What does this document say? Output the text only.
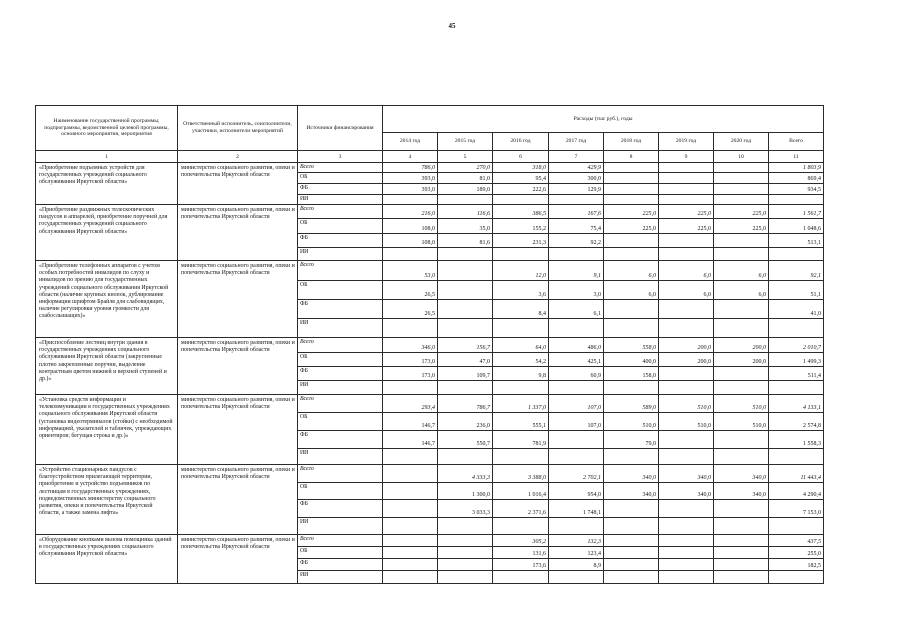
45
Наименование государственной программы, подпрограммы, ведомственной целевой программы, основного мероприятия, мероприятия	Ответственный исполнитель, соисполнители, участники, исполнители мероприятий	Источники финансирования	Расходы (тыс руб.), годы							
			2014 год	2015 год	2016 год	2017 год	2018 год	2019 год	2020 год	Всего
1	2	3	4	5	6	7	8	9	10	11
«Приобретение подъемных устройств для государственных учреждений социального обслуживания Иркутской области»	министерство социального развития, опеки и попечительства Иркутской области	Всего	786,0	270,0	318,0	429,9				1 803,9
		ОБ	393,0	81,0	95,4	300,0				869,4
		ФБ	393,0	189,0	222,6	129,9				934,5
		ИИ								
«Приобретение раздвижных телескопических пандусов и аппарелей, приобретение поручней для государственных учреждений социального обслуживания Иркутской области»	министерство социального развития, опеки и попечительства Иркутской области	Всего	216,0	116,6	386,5	167,6	225,0	225,0	225,0	1 561,7
		ОБ	108,0	35,0	155,2	75,4	225,0	225,0	225,0	1 048,6
		ФБ	108,0	81,6	231,3	92,2				513,1
		ИИ								
«Приобретение телефонных аппаратов с учетом особых потребностей инвалидов по слуху и инвалидов по зрению для государственных учреждений социального обслуживания Иркутской области (наличие крупных кнопок, дублирование информации шрифтом Брайля для слабовидящих, наличие регулировки уровня громкости для слабослышащих)»	министерство социального развития, опеки и попечительства Иркутской области	Всего	53,0		12,0	9,1	6,0	6,0	6,0	92,1
		ОБ	26,5		3,6	3,0	6,0	6,0	6,0	51,1
		ФБ	26,5		8,4	6,1				41,0
		ИИ								
«Приспособление лестниц внутри здания в государственных учреждениях социального обслуживания Иркутской области (закругленные плотно закрепленные поручни, выделение контрастным цветом нижней и верхней ступеней и др.)»	министерство социального развития, опеки и попечительства Иркутской области	Всего	346,0	156,7	64,0	486,0	558,0	200,0	200,0	2 010,7
		ОБ	173,0	47,0	54,2	425,1	400,0	200,0	200,0	1 499,3
		ФБ	173,0	109,7	9,8	60,9	158,0			511,4
		ИИ								
«Установка средств информации и телекоммуникации в государственных учреждениях социального обслуживания Иркутской области (установка видеотерминалов (стойки) с необходимой информацией, указателей и табличек, упреждающих ориентиров; бегущая строка и др.)»	министерство социального развития, опеки и попечительства Иркутской области	Всего	293,4	786,7	1 337,0	107,0	589,0	510,0	510,0	4 133,1
		ОБ	146,7	236,0	555,1	107,0	510,0	510,0	510,0	2 574,8
		ФБ	146,7	550,7	781,9		79,0			1 558,3
		ИИ								
«Устройство стационарных пандусов с благоустройством прилегающей территории, приобретение и устройство подъемников по лестницам в государственных учреждениях, подведомственных министерству социального развития, опеки и попечительства Иркутской области, а также замена лифта»	министерство социального развития, опеки и попечительства Иркутской области	Всего		4 333,3	3 388,0	2 702,1	340,0	340,0	340,0	11 443,4
		ОБ		1 300,0	1 016,4	954,0	340,0	340,0	340,0	4 290,4
		ФБ		3 033,3	2 371,6	1 748,1				7 153,0
		ИИ								
«Оборудование кнопками вызова помощника зданий в государственных учреждениях социального обслуживания Иркутской области»	министерство социального развития, опеки и попечительства Иркутской области	Всего			305,2	132,3				437,5
		ОБ			131,6	123,4				255,0
		ФБ			173,6	8,9				182,5
		ИИ								
